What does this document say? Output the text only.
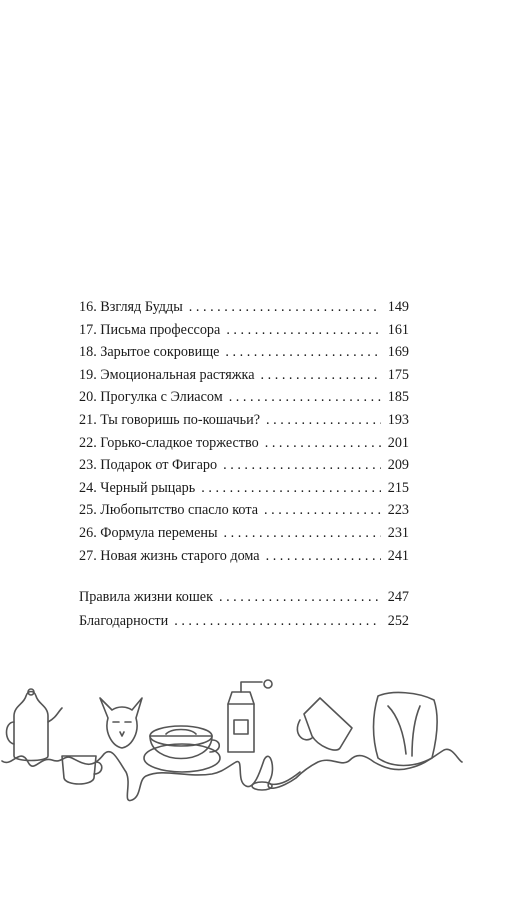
16. Взгляд Будды . . .	149
17. Письма профессора . . .	161
18. Зарытое сокровище . . .	169
19. Эмоциональная растяжка . . .	175
20. Прогулка с Элиасом . . .	185
21. Ты говоришь по-кошачьи? . . .	193
22. Горько-сладкое торжество . . .	201
23. Подарок от Фигаро . . .	209
24. Черный рыцарь . . .	215
25. Любопытство спасло кота . . .	223
26. Формула перемены . . .	231
27. Новая жизнь старого дома . . .	241
Правила жизни кошек . . .	247
Благодарности . . .	252
